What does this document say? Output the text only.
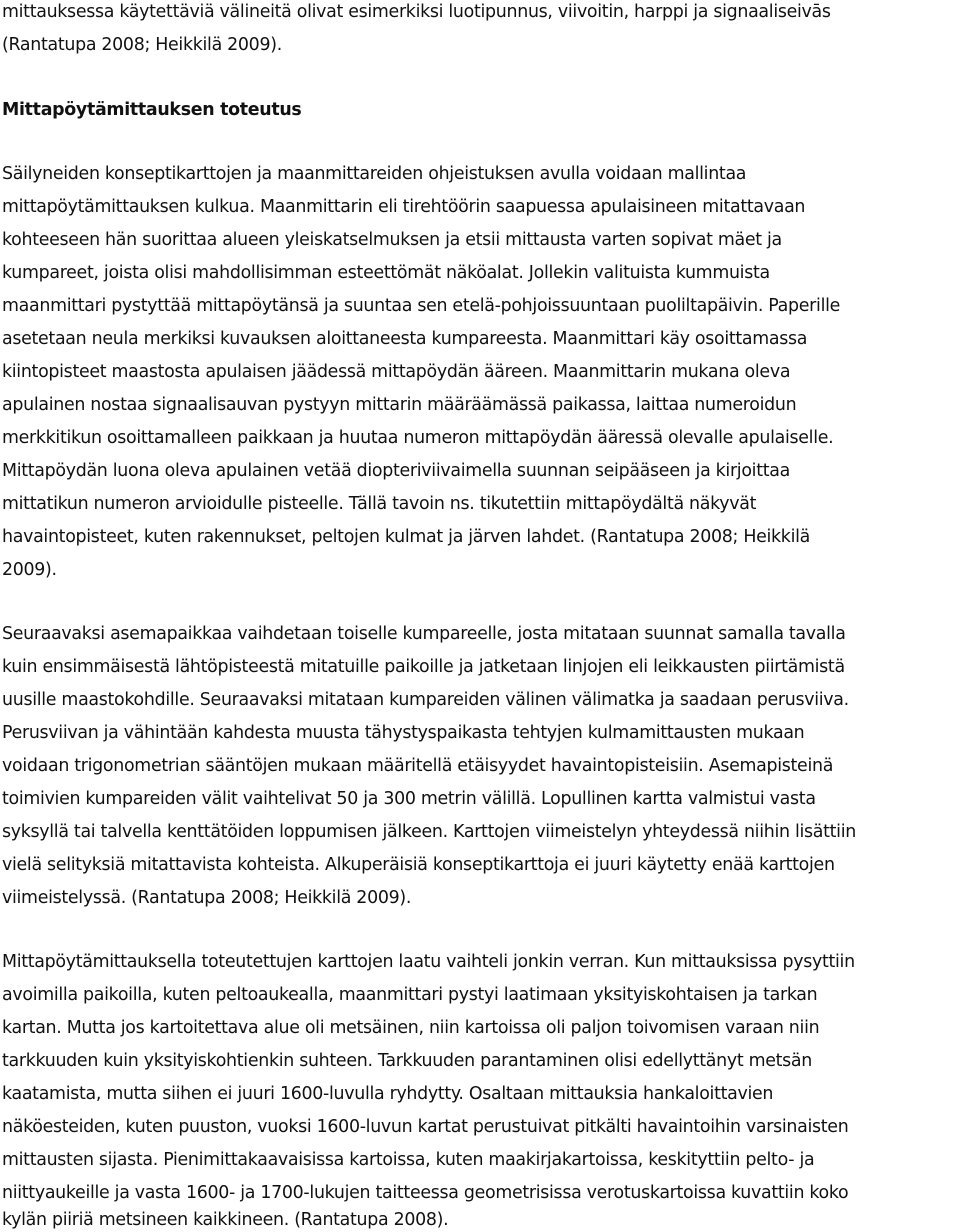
mittauksessa käytettäviä välineitä olivat esimerkiksi luotipunnus, viivoitin, harppi ja signaaliseivās
(Rantatupa 2008; Heikkilä 2009).
Mittapöytämittauksen toteutus
Säilyneiden konseptikarttojen ja maanmittareiden ohjeistuksen avulla voidaan mallintaa
mittapöytämittauksen kulkua. Maanmittarin eli tirehtöörin saapuessa apulaisineen mitattavaan
kohteeseen hän suorittaa alueen yleiskatselmuksen ja etsii mittausta varten sopivat mäet ja
kumpareet, joista olisi mahdollisimman esteettömät näköalat. Jollekin valituista kummuista
maanmittari pystyttää mittapöytänsä ja suuntaa sen etelä-pohjoissuuntaan puoliltapäivin. Paperille
asetetaan neula merkiksi kuvauksen aloittaneesta kumpareesta. Maanmittari käy osoittamassa
kiintopisteet maastosta apulaisen jäädessä mittapöydän ääreen. Maanmittarin mukana oleva
apulainen nostaa signaalisauvan pystyyn mittarin määräämässä paikassa, laittaa numeroidun
merkkitikun osoittamalleen paikkaan ja huutaa numeron mittapöydän ääressä olevalle apulaiselle.
Mittapöydän luona oleva apulainen vetää diopteriviivaimella suunnan seipääseen ja kirjoittaa
mittatikun numeron arvioidulle pisteelle. Tällä tavoin ns. tikutettiin mittapöydältä näkyvät
havaintopisteet, kuten rakennukset, peltojen kulmat ja järven lahdet. (Rantatupa 2008; Heikkilä
2009).
Seuraavaksi asemapaikkaa vaihdetaan toiselle kumpareelle, josta mitataan suunnat samalla tavalla
kuin ensimmäisestä lähtöpisteestä mitatuille paikoille ja jatketaan linjojen eli leikkausten piirtämistä
uusille maastokohdille. Seuraavaksi mitataan kumpareiden välinen välimatka ja saadaan perusviiva.
Perusviivan ja vähintään kahdesta muusta tähystyspaikasta tehtyjen kulmamittausten mukaan
voidaan trigonometrian sääntöjen mukaan määritellä etäisyydet havaintopisteisiin. Asemapisteinä
toimivien kumpareiden välit vaihtelivat 50 ja 300 metrin välillä. Lopullinen kartta valmistui vasta
syksyllä tai talvella kenttätöiden loppumisen jälkeen. Karttojen viimeistelyn yhteydessä niihin lisättiin
vielä selityksiä mitattavista kohteista. Alkuperäisiä konseptikarttoja ei juuri käytetty enää karttojen
viimeistelyssä. (Rantatupa 2008; Heikkilä 2009).
Mittapöytämittauksella toteutettujen karttojen laatu vaihteli jonkin verran. Kun mittauksissa pysyttiin
avoimilla paikoilla, kuten peltoaukealla, maanmittari pystyi laatimaan yksityiskohtaisen ja tarkan
kartan. Mutta jos kartoitettava alue oli metsäinen, niin kartoissa oli paljon toivomisen varaan niin
tarkkuuden kuin yksityiskohtienkin suhteen. Tarkkuuden parantaminen olisi edellyttänyt metsän
kaatamista, mutta siihen ei juuri 1600-luvulla ryhdytty. Osaltaan mittauksia hankaloittavien
näköesteiden, kuten puuston, vuoksi 1600-luvun kartat perustuivat pitkälti havaintoihin varsinaisten
mittausten sijasta. Pienimittakaavaisissa kartoissa, kuten maakirjakartoissa, keskityttiin pelto- ja
niittyaukeille ja vasta 1600- ja 1700-lukujen taitteessa geometrisissa verotuskartoissa kuvattiin koko
kylän piiriä metsineen kaikkineen. (Rantatupa 2008).
